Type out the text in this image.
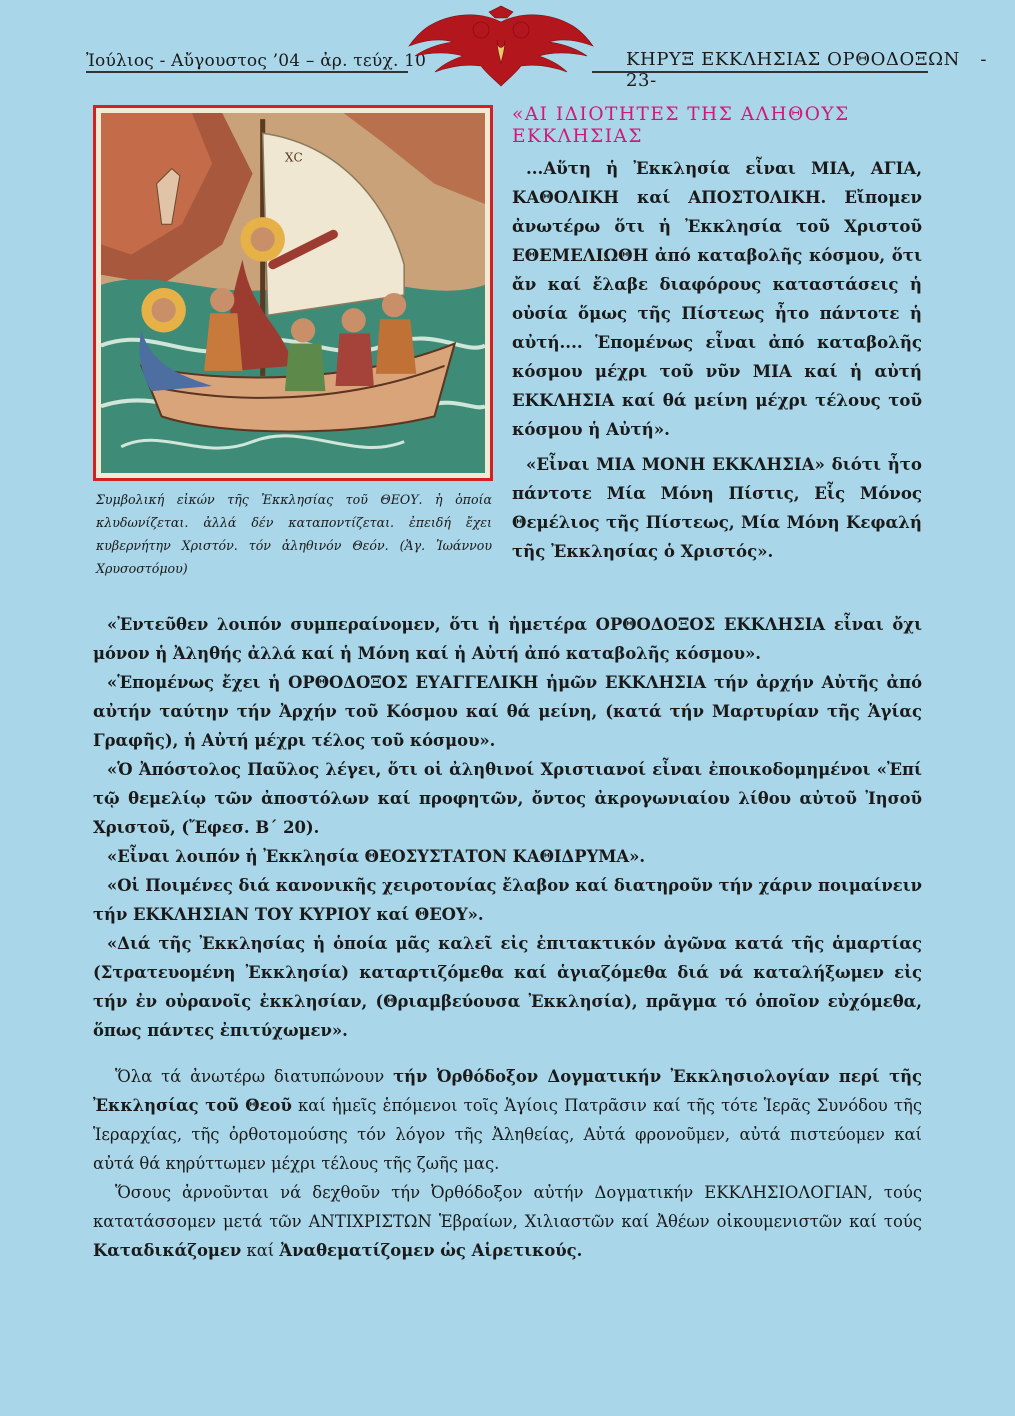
Ἰούλιος - Αὔγουστος ’04 – ἀρ. τεύχ. 10	ΚΗΡΥΞ ΕΚΚΛΗΣΙΑΣ ΟΡΘΟΔΟΞΩΝ - 23-
ΧC
Συμβολική εἰκών τῆς Ἐκκλησίας τοῦ ΘΕΟΥ. ἡ ὁποία κλυδωνίζεται. ἀλλά δέν καταποντίζεται. ἐπειδή ἔχει κυβερνήτην Χριστόν. τόν ἀληθινόν Θεόν. (Ἁγ. Ἰωάννου Χρυσοστόμου)
«ΑΙ ΙΔΙΟΤΗΤΕΣ ΤΗΣ ΑΛΗΘΟΥΣ ΕΚΚΛΗΣΙΑΣ

...Αὕτη ἡ Ἐκκλησία εἶναι ΜΙΑ, ΑΓΙΑ, ΚΑΘΟΛΙΚΗ καί ΑΠΟΣΤΟΛΙΚΗ. Εἴπομεν ἀνωτέρω ὅτι ἡ Ἐκκλησία τοῦ Χριστοῦ ΕΘΕΜΕΛΙΩΘΗ ἀπό καταβολῆς κόσμου, ὅτι ἄν καί ἔλαβε διαφόρους καταστάσεις ἡ οὐσία ὅμως τῆς Πίστεως ἦτο πάντοτε ἡ αὐτή.... Ἑπομένως εἶναι ἀπό καταβολῆς κόσμου μέχρι τοῦ νῦν ΜΙΑ καί ἡ αὐτή ΕΚΚΛΗΣΙΑ καί θά μείνη μέχρι τέλους τοῦ κόσμου ἡ Αὐτή».

«Εἶναι ΜΙΑ ΜΟΝΗ ΕΚΚΛΗΣΙΑ» διότι ἦτο πάντοτε Μία Μόνη Πίστις, Εἷς Μόνος Θεμέλιος τῆς Πίστεως, Μία Μόνη Κεφαλή τῆς Ἐκκλησίας ὁ Χριστός».

«Ἐντεῦθεν λοιπόν συμπεραίνομεν, ὅτι ἡ ἡμετέρα ΟΡΘΟΔΟΞΟΣ ΕΚΚΛΗΣΙΑ εἶναι ὄχι μόνον ἡ Ἀληθής ἀλλά καί ἡ Μόνη καί ἡ Αὐτή ἀπό καταβολῆς κόσμου».

«Ἑπομένως ἔχει ἡ ΟΡΘΟΔΟΞΟΣ ΕΥΑΓΓΕΛΙΚΗ ἡμῶν ΕΚΚΛΗΣΙΑ τήν ἀρχήν Αὐτῆς ἀπό αὐτήν ταύτην τήν Ἀρχήν τοῦ Κόσμου καί θά μείνη, (κατά τήν Μαρτυρίαν τῆς Ἁγίας Γραφῆς), ἡ Αὐτή μέχρι τέλος τοῦ κόσμου».

«Ὁ Ἀπόστολος Παῦλος λέγει, ὅτι οἱ ἀληθινοί Χριστιανοί εἶναι ἐποικοδομημένοι «Ἐπί τῷ θεμελίῳ τῶν ἀποστόλων καί προφητῶν, ὄντος ἀκρογωνιαίου λίθου αὐτοῦ Ἰησοῦ Χριστοῦ, (Ἔφεσ. Β΄ 20).

«Εἶναι λοιπόν ἡ Ἐκκλησία ΘΕΟΣΥΣΤΑΤΟΝ ΚΑΘΙΔΡΥΜΑ».

«Οἱ Ποιμένες διά κανονικῆς χειροτονίας ἔλαβον καί διατηροῦν τήν χάριν ποιμαίνειν τήν ΕΚΚΛΗΣΙΑΝ ΤΟΥ ΚΥΡΙΟΥ καί ΘΕΟΥ».

«Διά τῆς Ἐκκλησίας ἡ ὁποία μᾶς καλεῖ εἰς ἐπιτακτικόν ἀγῶνα κατά τῆς ἁμαρτίας (Στρατευομένη Ἐκκλησία) καταρτιζόμεθα καί ἁγιαζόμεθα διά νά καταλήξωμεν εἰς τήν ἐν οὐρανοῖς ἐκκλησίαν, (Θριαμβεύουσα Ἐκκλησία), πρᾶγμα τό ὁποῖον εὐχόμεθα, ὅπως πάντες ἐπιτύχωμεν».

Ὅλα τά ἀνωτέρω διατυπώνουν τήν Ὀρθόδοξον Δογματικήν Ἐκκλησιολογίαν περί τῆς Ἐκκλησίας τοῦ Θεοῦ καί ἡμεῖς ἑπόμενοι τοῖς Ἁγίοις Πατρᾶσιν καί τῆς τότε Ἱερᾶς Συνόδου τῆς Ἱεραρχίας, τῆς ὀρθοτομούσης τόν λόγον τῆς Ἀληθείας, Αὐτά φρονοῦμεν, αὐτά πιστεύομεν καί αὐτά θά κηρύττωμεν μέχρι τέλους τῆς ζωῆς μας.

Ὅσους ἀρνοῦνται νά δεχθοῦν τήν Ὀρθόδοξον αὐτήν Δογματικήν ΕΚΚΛΗΣΙΟΛΟΓΙΑΝ, τούς κατατάσσομεν μετά τῶν ΑΝΤΙΧΡΙΣΤΩΝ Ἑβραίων, Χιλιαστῶν καί Ἀθέων οἰκουμενιστῶν καί τούς Καταδικάζομεν καί Ἀναθεματίζομεν ὡς Αἱρετικούς.
